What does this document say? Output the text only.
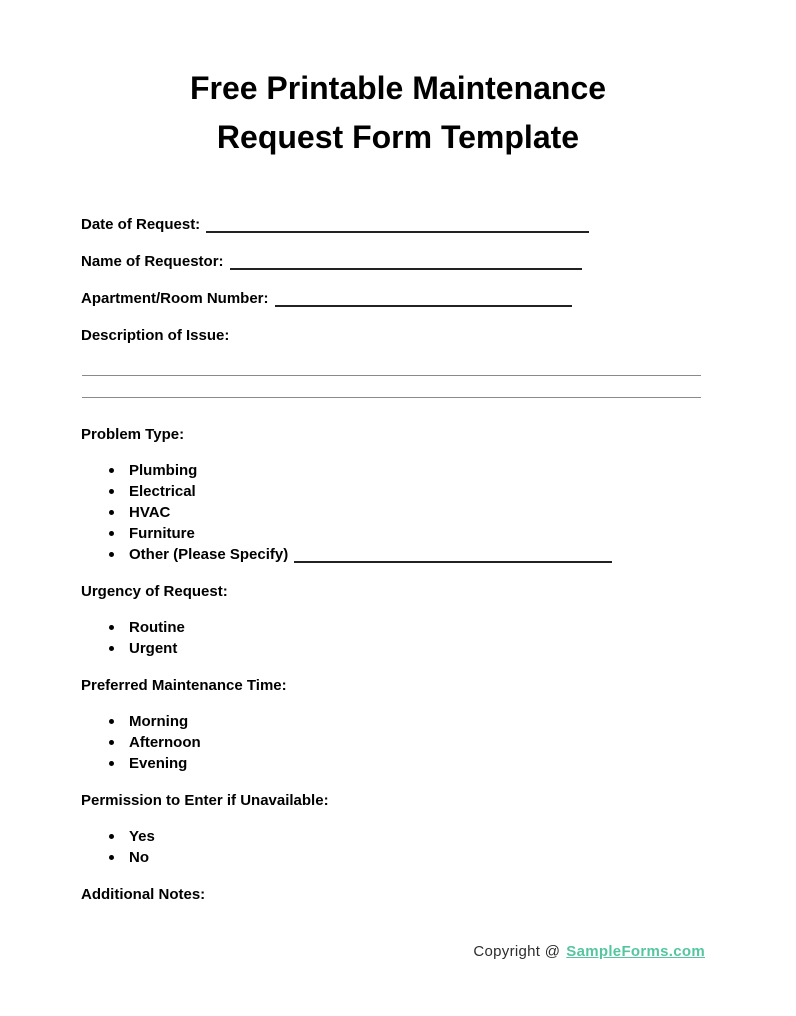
Free Printable Maintenance
Request Form Template
Date of Request:
Name of Requestor:
Apartment/Room Number:
Description of Issue:
Problem Type:
Plumbing
Electrical
HVAC
Furniture
Other (Please Specify)
Urgency of Request:
Routine
Urgent
Preferred Maintenance Time:
Morning
Afternoon
Evening
Permission to Enter if Unavailable:
Yes
No
Additional Notes:
Copyright @ SampleForms.com
